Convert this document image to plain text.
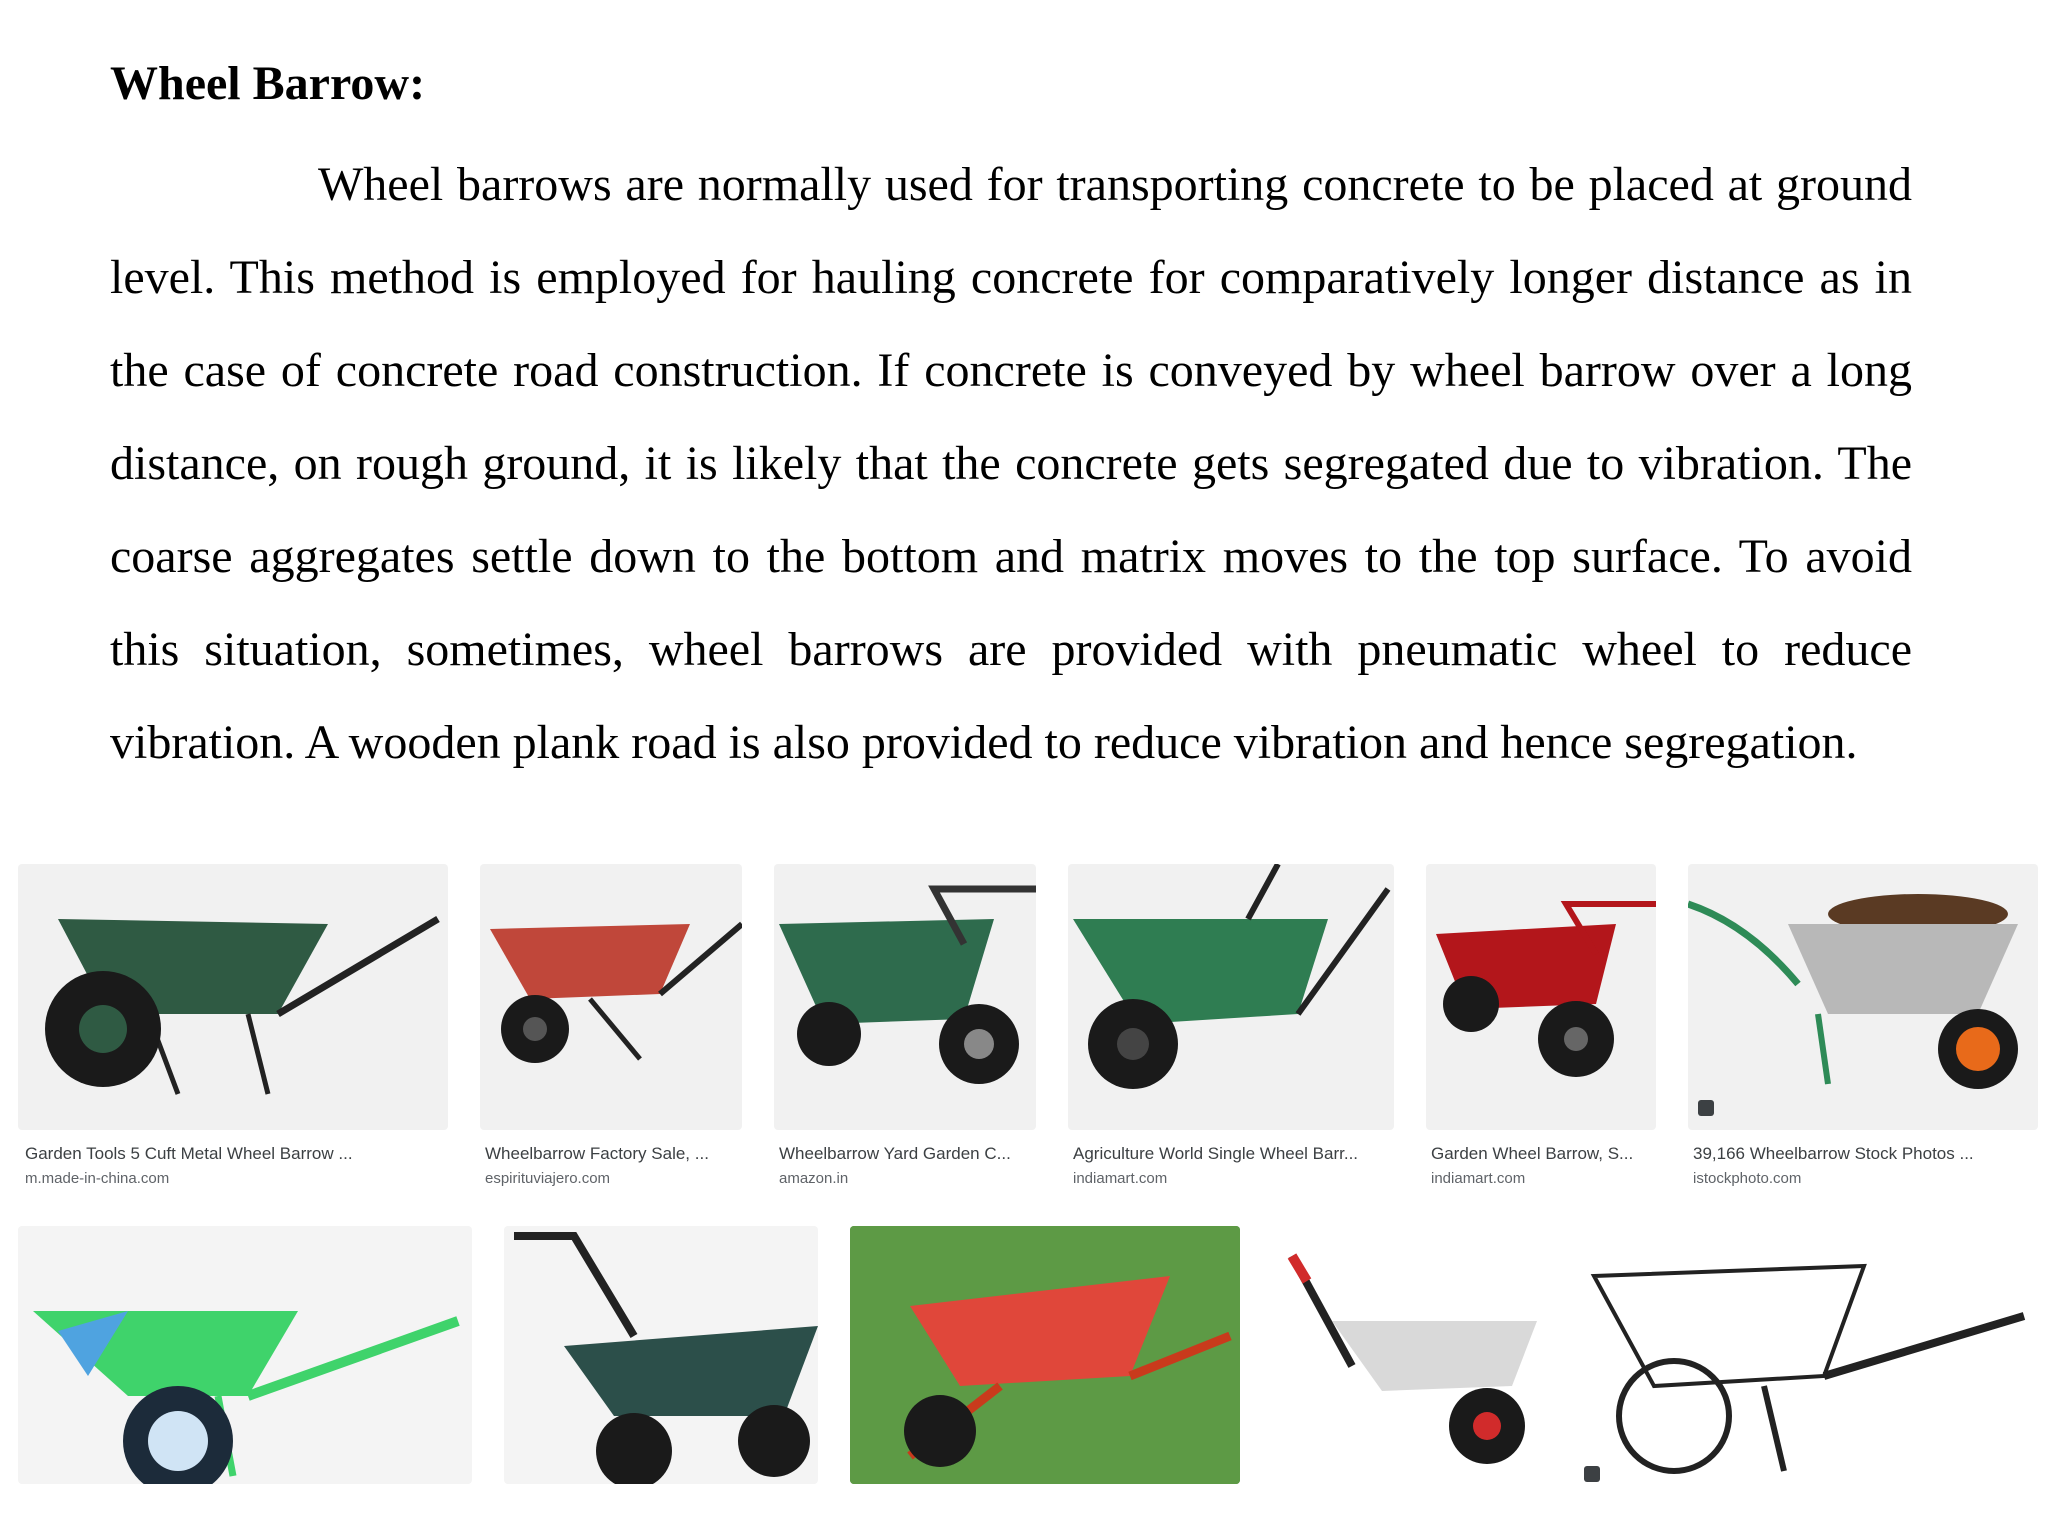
Wheel Barrow:

Wheel barrows are normally used for transporting concrete to be placed at ground level. This method is employed for hauling concrete for comparatively longer distance as in the case of concrete road construction. If concrete is conveyed by wheel barrow over a long distance, on rough ground, it is likely that the concrete gets segregated due to vibration. The coarse aggregates settle down to the bottom and matrix moves to the top surface. To avoid this situation, sometimes, wheel barrows are provided with pneumatic wheel to reduce vibration. A wooden plank road is also provided to reduce vibration and hence segregation.

Garden Tools 5 Cuft Metal Wheel Barrow ...
m.made-in-china.com
Wheelbarrow Factory Sale, ...
espirituviajero.com
Wheelbarrow Yard Garden C...
amazon.in
Agriculture World Single Wheel Barr...
indiamart.com
Garden Wheel Barrow, S...
indiamart.com
39,166 Wheelbarrow Stock Photos ...
istockphoto.com
